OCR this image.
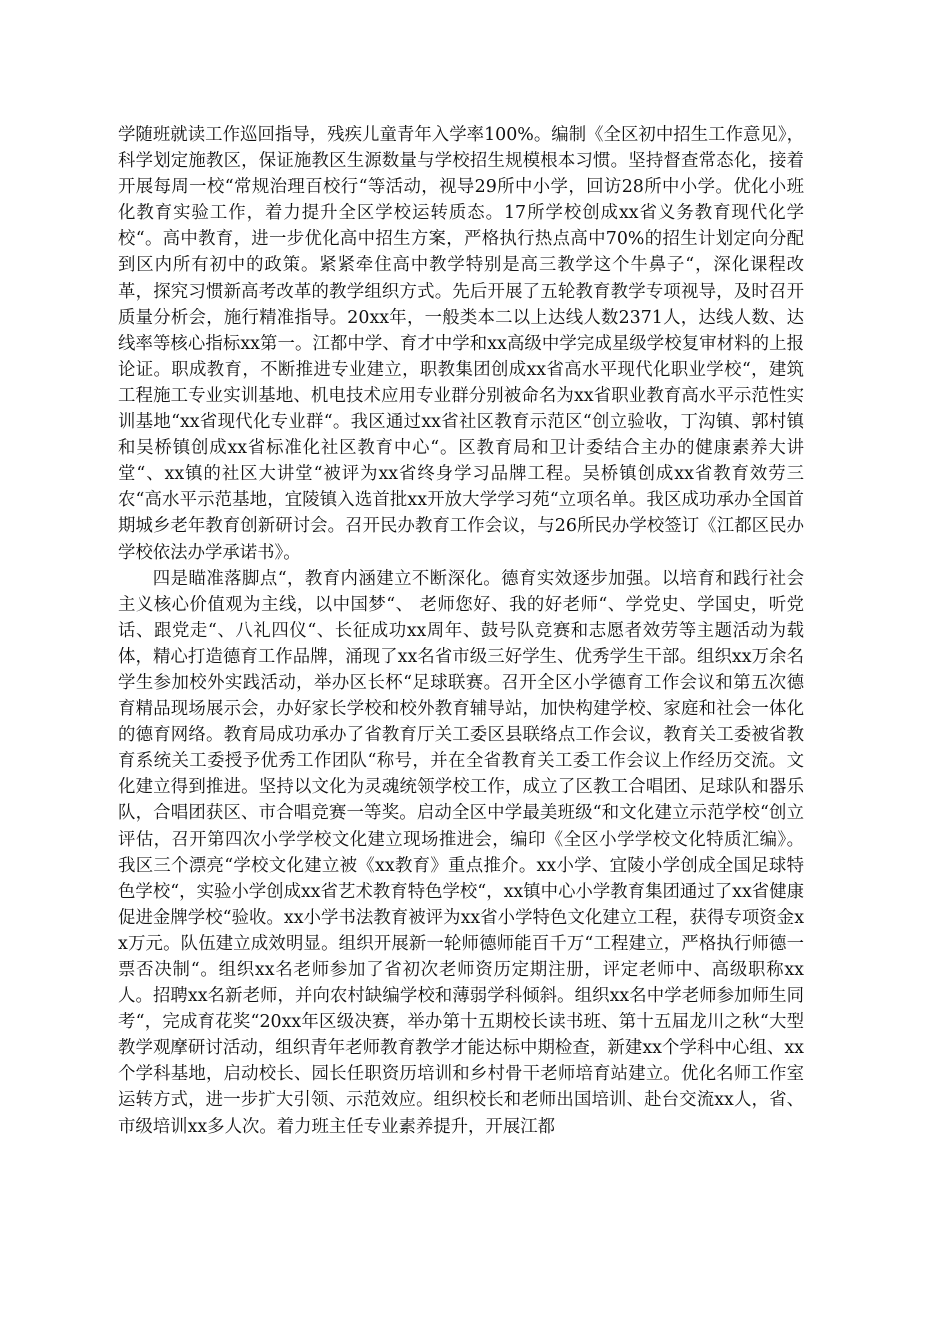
学随班就读工作巡回指导，残疾儿童青年入学率100%。编制《全区初中招生工作意见》，科学划定施教区，保证施教区生源数量与学校招生规模根本习惯。坚持督查常态化，接着开展每周一校“常规治理百校行“等活动，视导29所中小学，回访28所中小学。优化小班化教育实验工作，着力提升全区学校运转质态。17所学校创成xx省义务教育现代化学校“。高中教育，进一步优化高中招生方案，严格执行热点高中70%的招生计划定向分配到区内所有初中的政策。紧紧牵住高中教学特别是高三教学这个牛鼻子“，深化课程改革，探究习惯新高考改革的教学组织方式。先后开展了五轮教育教学专项视导，及时召开质量分析会，施行精准指导。20xx年，一般类本二以上达线人数2371人，达线人数、达线率等核心指标xx第一。江都中学、育才中学和xx高级中学完成星级学校复审材料的上报论证。职成教育，不断推进专业建立，职教集团创成xx省高水平现代化职业学校“，建筑工程施工专业实训基地、机电技术应用专业群分别被命名为xx省职业教育高水平示范性实训基地“xx省现代化专业群“。我区通过xx省社区教育示范区“创立验收，丁沟镇、郭村镇和吴桥镇创成xx省标准化社区教育中心“。区教育局和卫计委结合主办的健康素养大讲堂“、xx镇的社区大讲堂“被评为xx省终身学习品牌工程。吴桥镇创成xx省教育效劳三农“高水平示范基地，宜陵镇入选首批xx开放大学学习苑“立项名单。我区成功承办全国首期城乡老年教育创新研讨会。召开民办教育工作会议，与26所民办学校签订《江都区民办学校依法办学承诺书》。

四是瞄准落脚点“，教育内涵建立不断深化。德育实效逐步加强。以培育和践行社会主义核心价值观为主线，以中国梦“、 老师您好、我的好老师“、学党史、学国史，听党话、跟党走“、八礼四仪“、长征成功xx周年、鼓号队竞赛和志愿者效劳等主题活动为载体，精心打造德育工作品牌，涌现了xx名省市级三好学生、优秀学生干部。组织xx万余名学生参加校外实践活动，举办区长杯“足球联赛。召开全区小学德育工作会议和第五次德育精品现场展示会，办好家长学校和校外教育辅导站，加快构建学校、家庭和社会一体化的德育网络。教育局成功承办了省教育厅关工委区县联络点工作会议，教育关工委被省教育系统关工委授予优秀工作团队“称号，并在全省教育关工委工作会议上作经历交流。文化建立得到推进。坚持以文化为灵魂统领学校工作，成立了区教工合唱团、足球队和器乐队，合唱团获区、市合唱竞赛一等奖。启动全区中学最美班级“和文化建立示范学校“创立评估，召开第四次小学学校文化建立现场推进会，编印《全区小学学校文化特质汇编》。我区三个漂亮“学校文化建立被《xx教育》重点推介。xx小学、宜陵小学创成全国足球特色学校“，实验小学创成xx省艺术教育特色学校“，xx镇中心小学教育集团通过了xx省健康促进金牌学校“验收。xx小学书法教育被评为xx省小学特色文化建立工程，获得专项资金xx万元。队伍建立成效明显。组织开展新一轮师德师能百千万“工程建立，严格执行师德一票否决制“。组织xx名老师参加了省初次老师资历定期注册，评定老师中、高级职称xx人。招聘xx名新老师，并向农村缺编学校和薄弱学科倾斜。组织xx名中学老师参加师生同考“，完成育花奖“20xx年区级决赛，举办第十五期校长读书班、第十五届龙川之秋“大型教学观摩研讨活动，组织青年老师教育教学才能达标中期检查，新建xx个学科中心组、xx个学科基地，启动校长、园长任职资历培训和乡村骨干老师培育站建立。优化名师工作室运转方式，进一步扩大引领、示范效应。组织校长和老师出国培训、赴台交流xx人，省、市级培训xx多人次。着力班主任专业素养提升，开展江都
